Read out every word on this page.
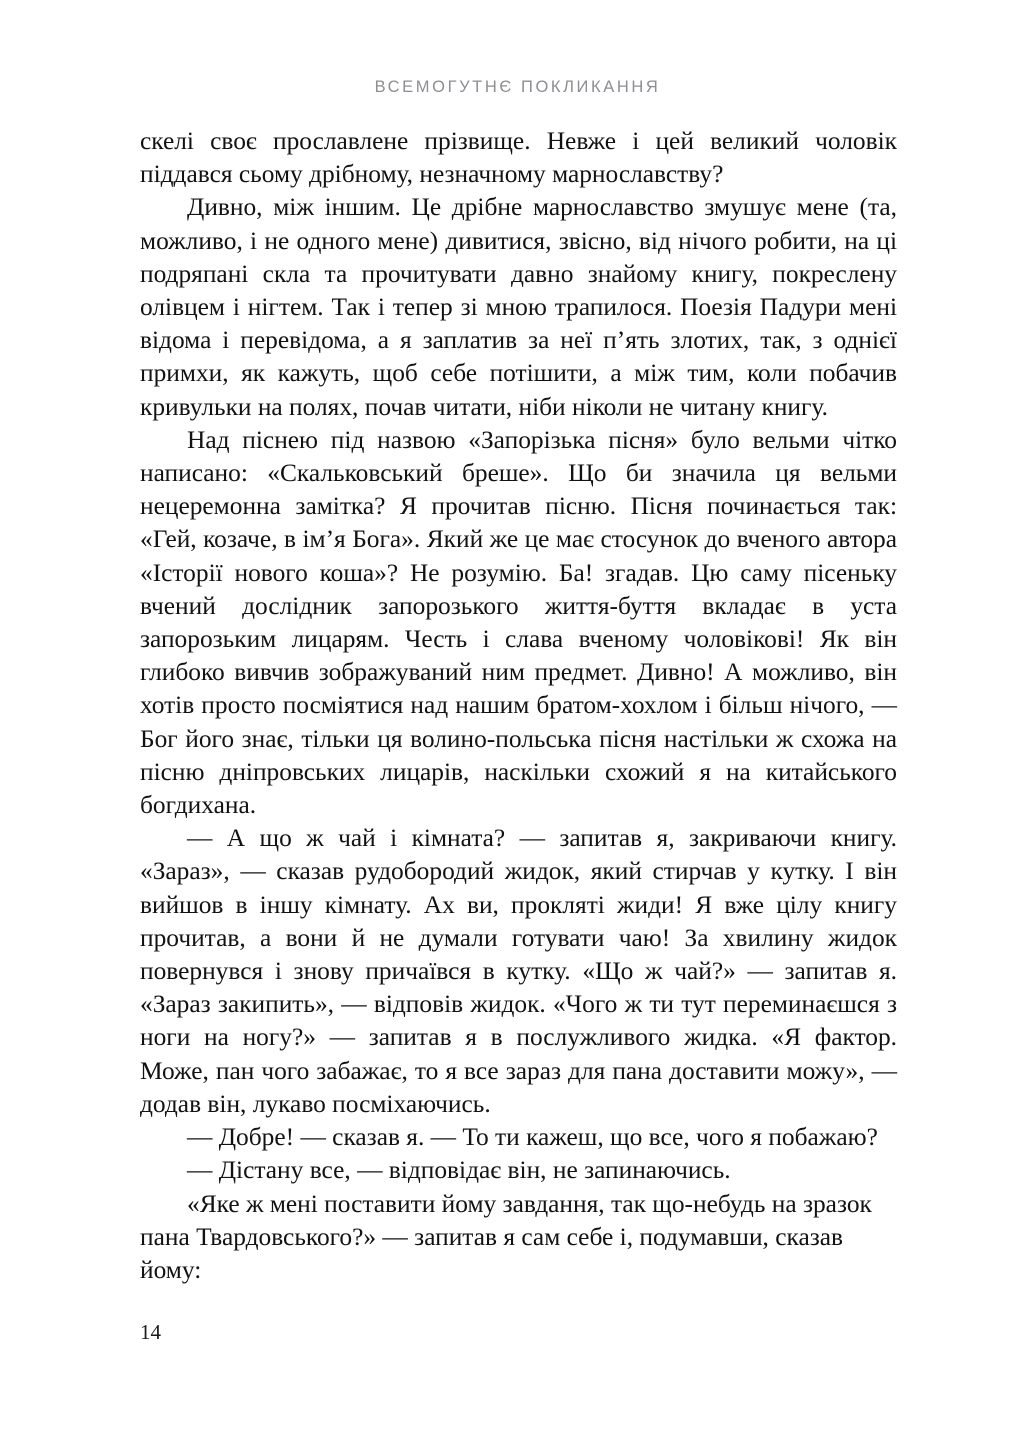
ВСЕМОГУТНЄ ПОКЛИКАННЯ

скелі своє прославлене прізвище. Невже і цей великий чоловік піддався сьому дрібному, незначному марнославству?

Дивно, між іншим. Це дрібне марнославство змушує мене (та, можливо, і не одного мене) дивитися, звісно, від нічого робити, на ці подряпані скла та прочитувати давно знайому книгу, покреслену олівцем і нігтем. Так і тепер зі мною трапилося. Поезія Падури мені відома і перевідома, а я заплатив за неї п’ять злотих, так, з однієї примхи, як кажуть, щоб себе потішити, а між тим, коли побачив кривульки на полях, почав читати, ніби ніколи не читану книгу.

Над піснею під назвою «Запорізька пісня» було вельми чітко написано: «Скальковський бреше». Що би значила ця вельми нецеремонна замітка? Я прочитав пісню. Пісня починається так: «Гей, козаче, в ім’я Бога». Який же це має стосунок до вченого автора «Історії нового коша»? Не розумію. Ба! згадав. Цю саму пісеньку вчений дослідник запорозького життя-буття вкладає в уста запорозьким лицарям. Честь і слава вченому чоловікові! Як він глибоко вивчив зображуваний ним предмет. Дивно! А можливо, він хотів просто посміятися над нашим братом-хохлом і більш нічого, — Бог його знає, тільки ця волино-польська пісня настільки ж схожа на пісню дніпровських лицарів, наскільки схожий я на китайського богдихана.

— А що ж чай і кімната? — запитав я, закриваючи книгу. «Зараз», — сказав рудобородий жидок, який стирчав у кутку. І він вийшов в іншу кімнату. Ах ви, прокляті жиди! Я вже цілу книгу прочитав, а вони й не думали готувати чаю! За хвилину жидок повернувся і знову причаївся в кутку. «Що ж чай?» — запитав я. «Зараз закипить», — відповів жидок. «Чого ж ти тут переминаєшся з ноги на ногу?» — запитав я в послужливого жидка. «Я фактор. Може, пан чого забажає, то я все зараз для пана доставити можу», — додав він, лукаво посміхаючись.

— Добре! — сказав я. — То ти кажеш, що все, чого я побажаю?

— Дістану все, — відповідає він, не запинаючись.

«Яке ж мені поставити йому завдання, так що-небудь на зразок пана Твардовського?» — запитав я сам себе і, подумавши, сказав йому:

14
